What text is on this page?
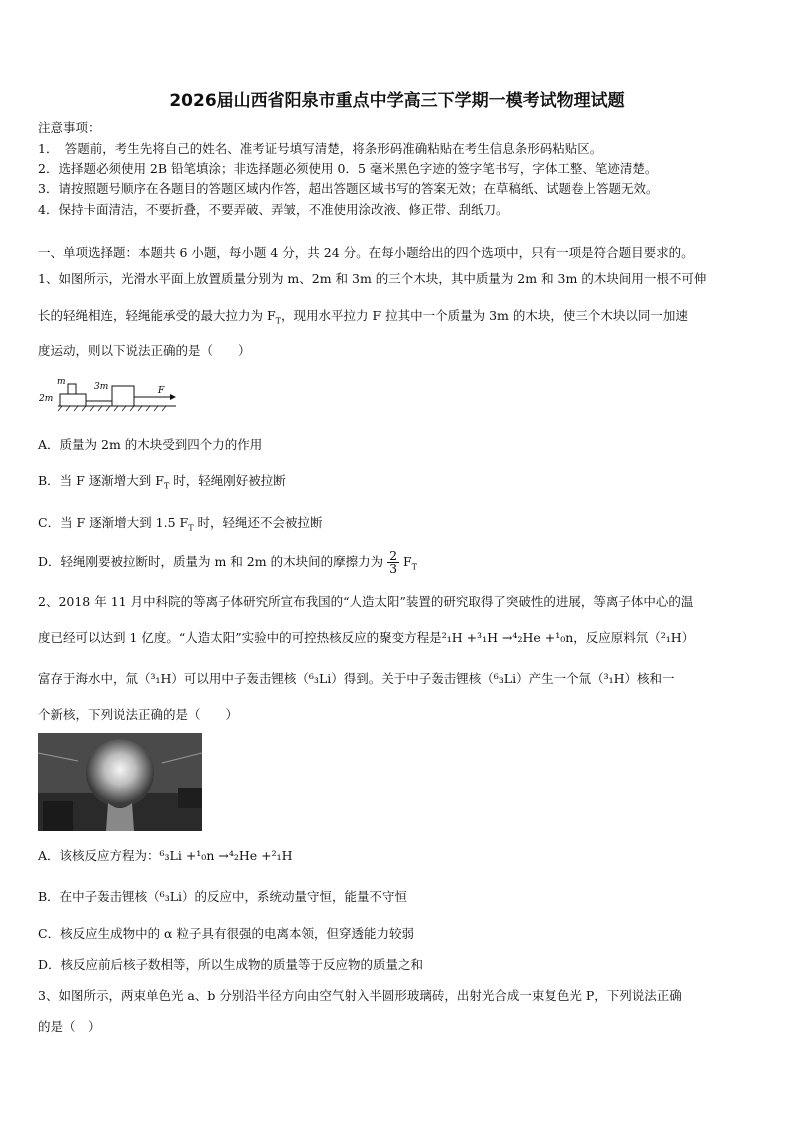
2026届山西省阳泉市重点中学高三下学期一模考试物理试题
注意事项：
1．　答题前，考生先将自己的姓名、准考证号填写清楚，将条形码准确粘贴在考生信息条形码粘贴区。
2．选择题必须使用 2B 铅笔填涂；非选择题必须使用 0．5 毫米黑色字迹的签字笔书写，字体工整、笔迹清楚。
3．请按照题号顺序在各题目的答题区域内作答，超出答题区域书写的答案无效；在草稿纸、试题卷上答题无效。
4．保持卡面清洁，不要折叠，不要弄破、弄皱，不准使用涂改液、修正带、刮纸刀。
一、单项选择题：本题共 6 小题，每小题 4 分，共 24 分。在每小题给出的四个选项中，只有一项是符合题目要求的。
1、如图所示，光滑水平面上放置质量分别为 m、2m 和 3m 的三个木块，其中质量为 2m 和 3m 的木块间用一根不可伸
长的轻绳相连，轻绳能承受的最大拉力为 $F_T$，现用水平拉力 F 拉其中一个质量为 3m 的木块，使三个木块以同一加速
度运动，则以下说法正确的是（　　）
2m
m	3m	F
A．质量为 2m 的木块受到四个力的作用
B．当 F 逐渐增大到 $F_T$ 时，轻绳刚好被拉断
C．当 F 逐渐增大到 1.5 $F_T$ 时，轻绳还不会被拉断
D．轻绳刚要被拉断时，质量为 m 和 2m 的木块间的摩擦力为 $\frac{2}{3} F_T$
2、2018 年 11 月中科院的等离子体研究所宣布我国的“人造太阳”装置的研究取得了突破性的进展，等离子体中心的温
度已经可以达到 1 亿度。“人造太阳”实验中的可控热核反应的聚变方程是²₁H +³₁H →⁴₂He +¹₀n，反应原料氘（²₁H）
富存于海水中，氚（³₁H）可以用中子轰击锂核（⁶₃Li）得到。关于中子轰击锂核（⁶₃Li）产生一个氚（³₁H）核和一
个新核，下列说法正确的是（　　）
A．该核反应方程为：⁶₃Li +¹₀n →⁴₂He +²₁H
B．在中子轰击锂核（⁶₃Li）的反应中，系统动量守恒，能量不守恒
C．核反应生成物中的 α 粒子具有很强的电离本领，但穿透能力较弱
D．核反应前后核子数相等，所以生成物的质量等于反应物的质量之和
3、如图所示，两束单色光 a、b 分别沿半径方向由空气射入半圆形玻璃砖，出射光合成一束复色光 P，下列说法正确
的是（　）
